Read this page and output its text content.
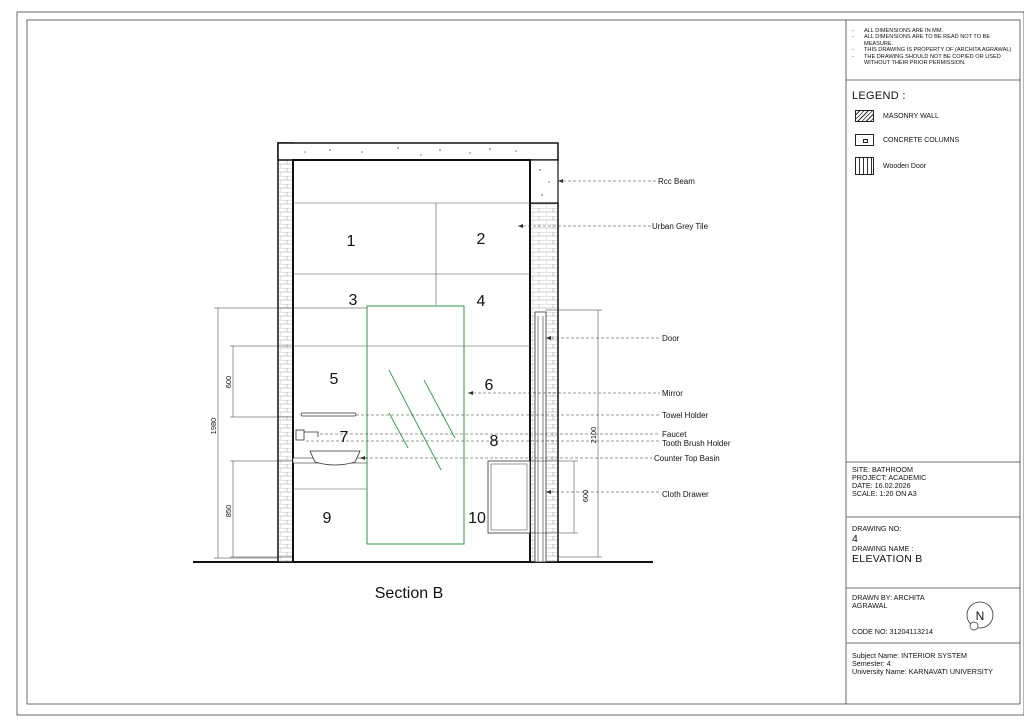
1	2
3	4
5	6
7	8
9	10
1980
600
850
2100
600
Rcc Beam
Urban Grey Tile
Door
Mirror
Towel Holder
Faucet
Tooth Brush Holder
Counter Top Basin
Cloth Drawer
Section B
N
- ALL DIMENSIONS ARE IN MM.
- ALL DIMENSIONS ARE TO BE READ NOT TO BE MEASURE.
- THIS DRAWING IS PROPERTY OF (ARCHITA AGRAWAL)
- THE DRAWING SHOULD NOT BE COPIED OR USED WITHOUT THEIR PRIOR PERMISSION.
LEGEND :
MASONRY WALL
CONCRETE COLUMNS
Wooden Door
SITE: BATHROOM
PROJECT: ACADEMIC
DATE: 16.02.2026
SCALE: 1:20 ON A3
DRAWING NO:
4
DRAWING NAME :
ELEVATION B
DRAWN BY: ARCHITA AGRAWAL
CODE NO: 31204113214
Subject Name: INTERIOR SYSTEM
Semester: 4
University Name: KARNAVATI UNIVERSITY
